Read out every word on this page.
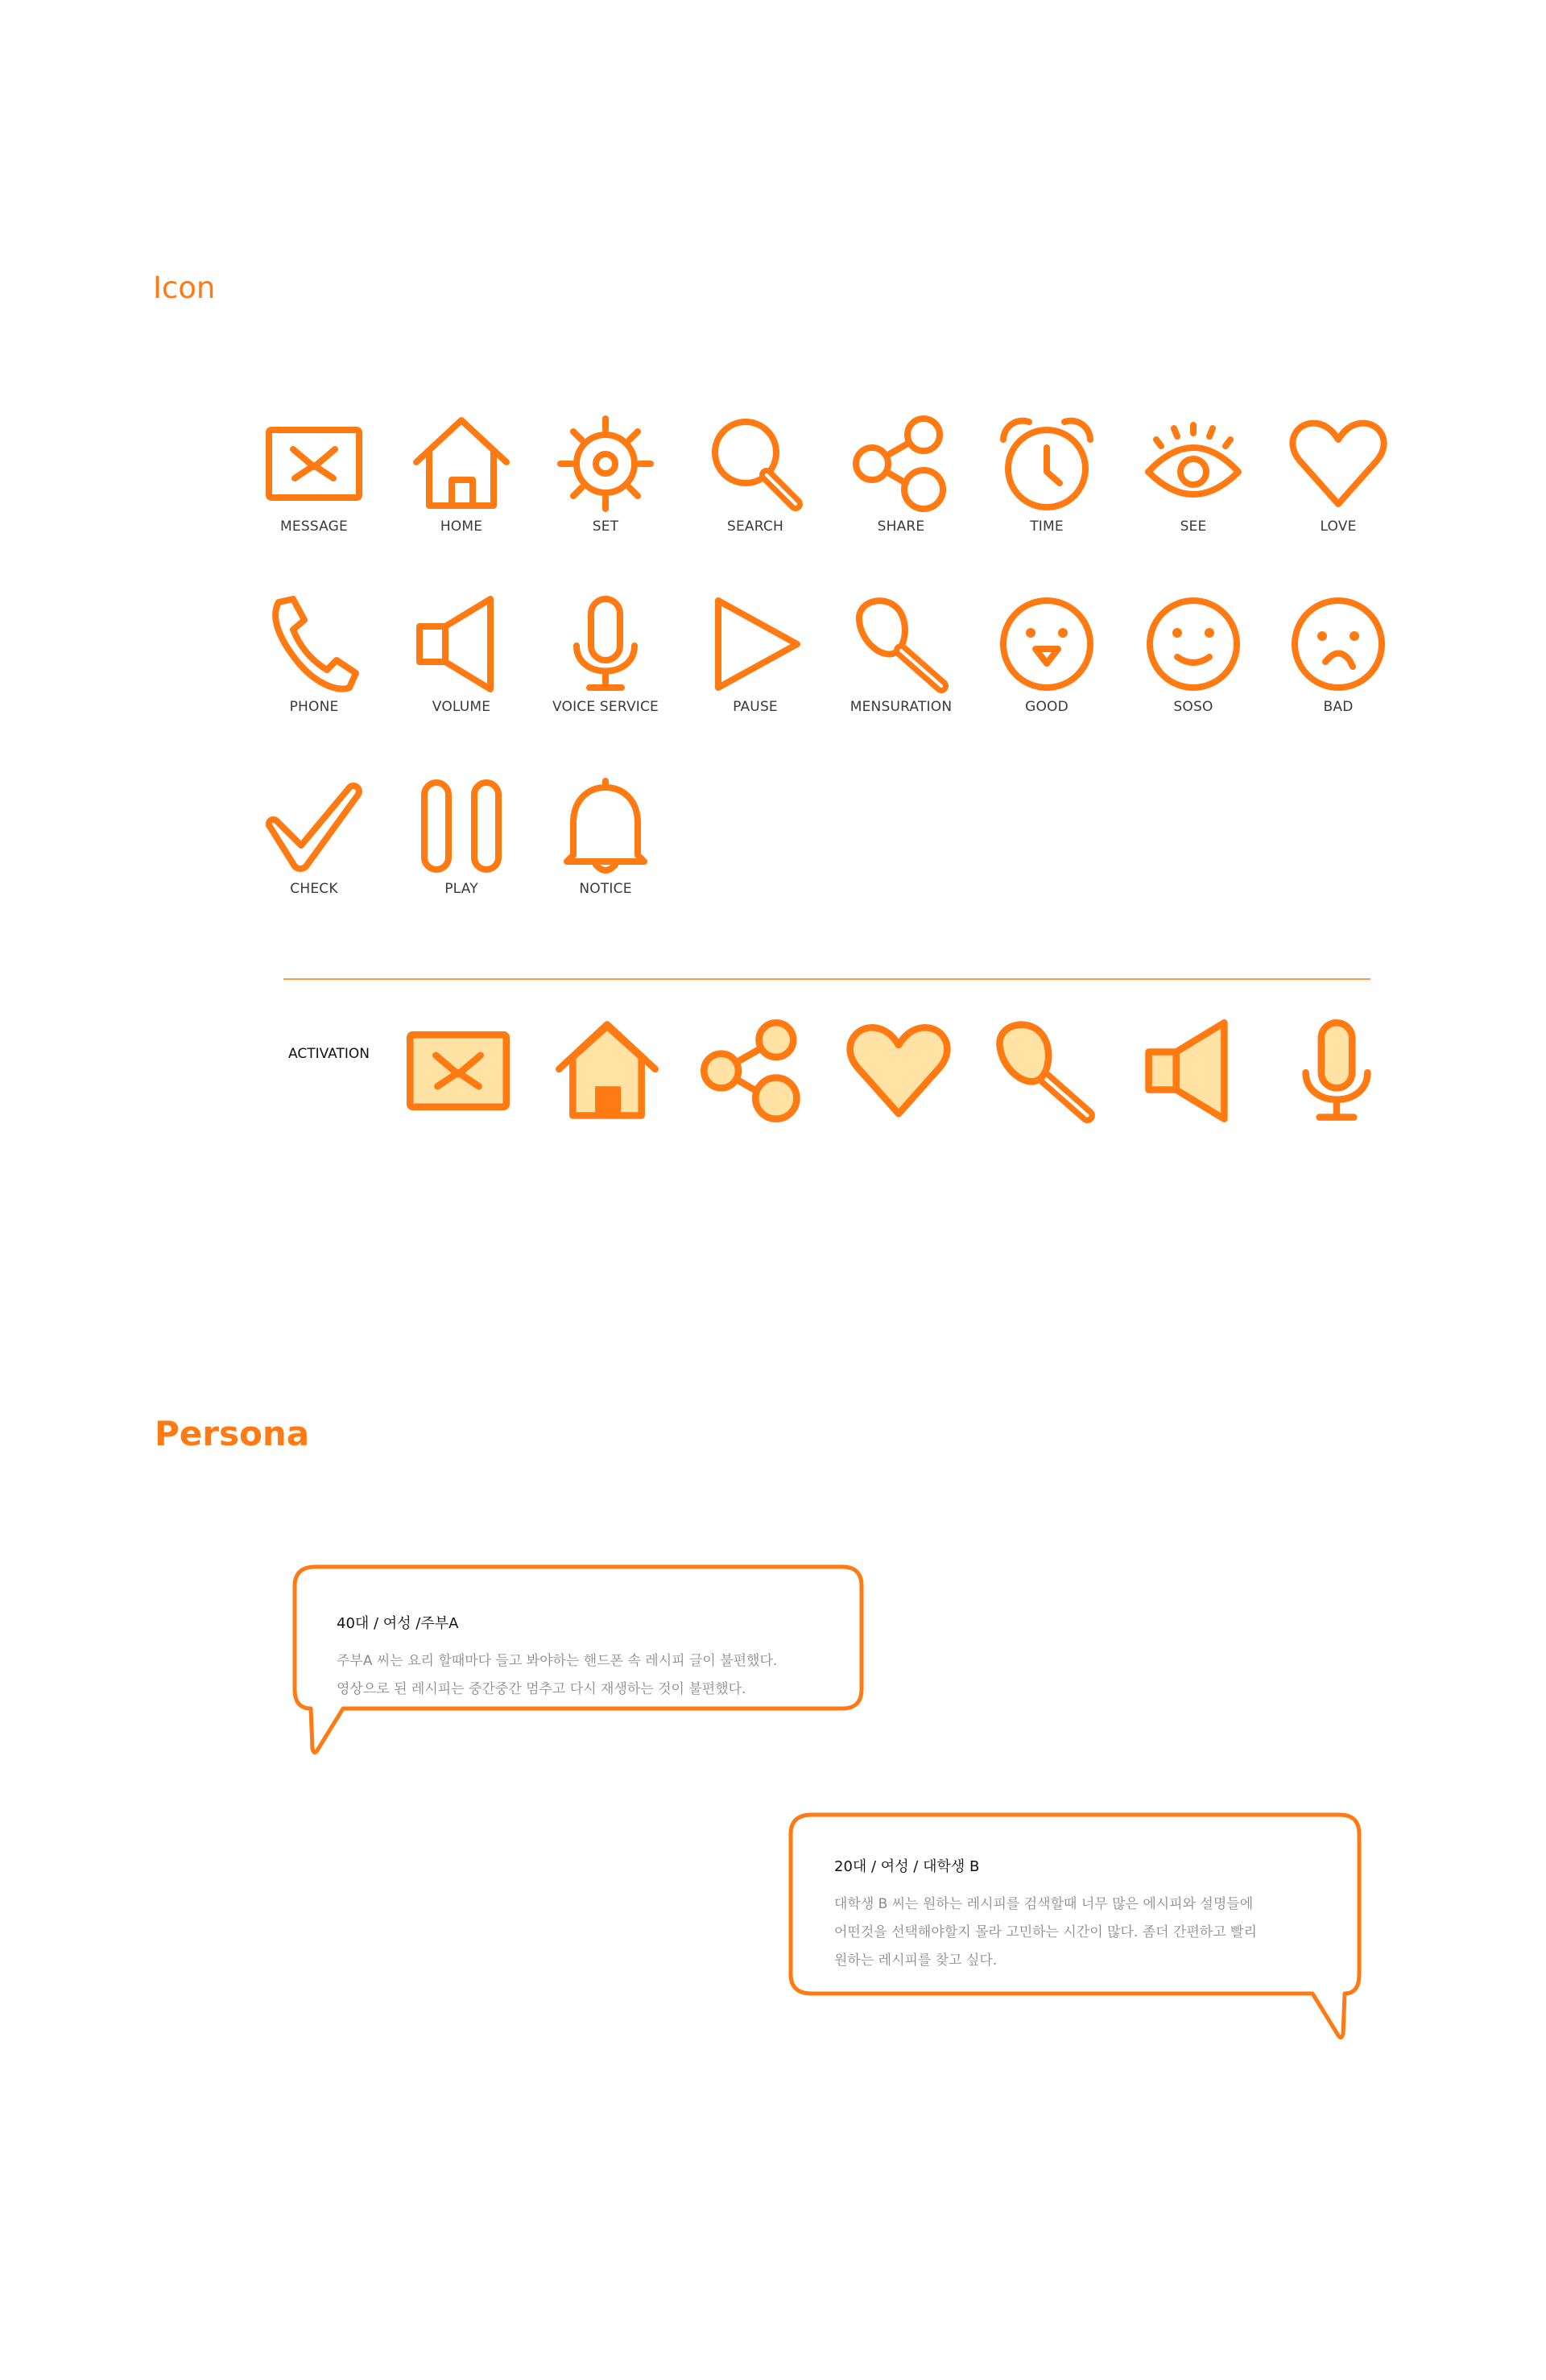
Icon
MESSAGE	HOME	SET	SEARCH	SHARE	TIME	SEE	LOVE
PHONE	VOLUME	VOICE SERVICE	PAUSE	MENSURATION	GOOD	SOSO	BAD
CHECK	PLAY	NOTICE
ACTIVATION
Persona
40대 / 여성 /주부A
주부A 씨는 요리 할때마다 들고 봐야하는 핸드폰 속 레시피 글이 불편했다.
영상으로 된 레시피는 중간중간 멈추고 다시 재생하는 것이 불편했다.
20대 / 여성 / 대학생 B
대학생 B 씨는 원하는 레시피를 검색할때 너무 많은 에시피와 설명들에
어떤것을 선택해야할지 몰라 고민하는 시간이 많다. 좀더 간편하고 빨리
원하는 레시피를 찾고 싶다.
